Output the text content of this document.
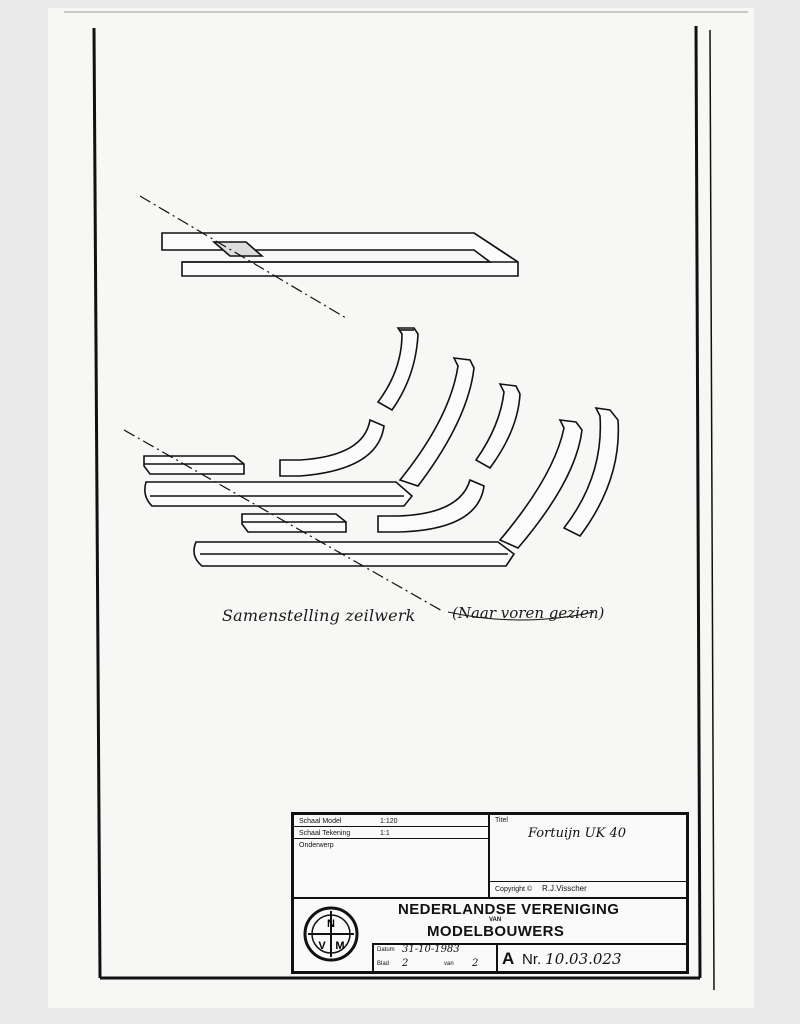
Samenstelling zeilwerk (Naar voren gezien)
Schaal Model	1:120
Schaal Tekening	1:1
Onderwerp
Titel
Fortuijn UK 40
Copyright © R.J.Visscher
N
V M
NEDERLANDSE VERENIGING
VAN
MODELBOUWERS
Datum 31-10-1983
Blad 2	van 2 A Nr. 10.03.023
